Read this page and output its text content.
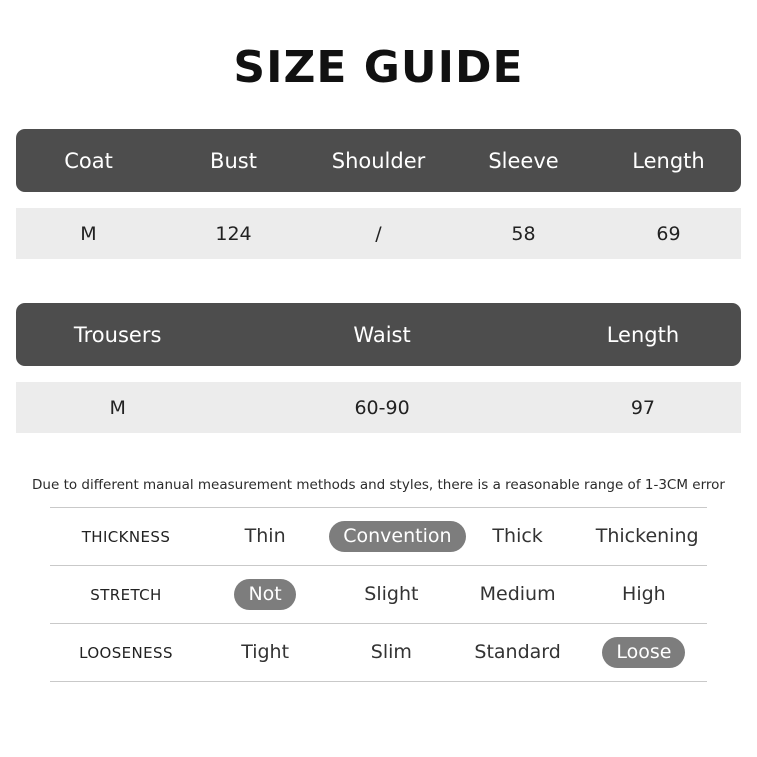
SIZE GUIDE
Coat	Bust	Shoulder	Sleeve	Length
M	124	/	58	69
Trousers	Waist	Length
M	60-90	97

Due to different manual measurement methods and styles, there is a reasonable range of 1-3CM error

THICKNESS	Thin	Convention	Thick	Thickening
STRETCH	Not	Slight	Medium	High
LOOSENESS	Tight	Slim	Standard	Loose
